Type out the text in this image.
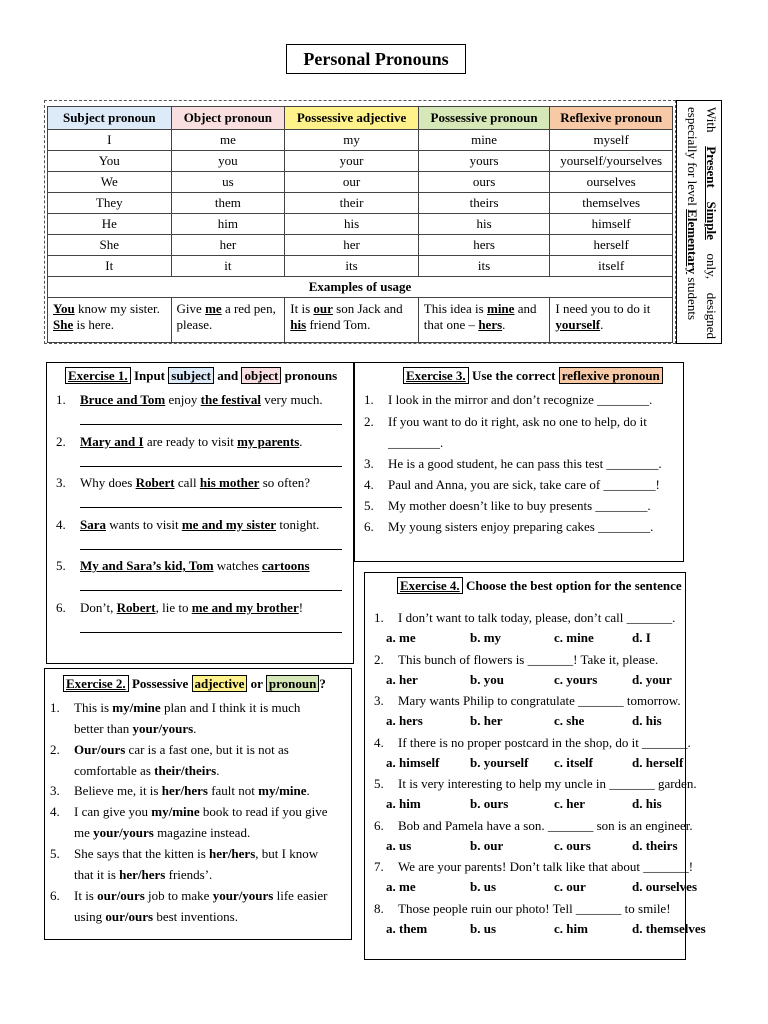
Personal Pronouns
Subject pronoun	Object pronoun	Possessive adjective	Possessive pronoun	Reflexive pronoun
I	me	my	mine	myself
You	you	your	yours	yourself/yourselves
We	us	our	ours	ourselves
They	them	their	theirs	themselves
He	him	his	his	himself
She	her	her	hers	herself
It	it	its	its	itself
Examples of usage				
You know my sister. She is here.	Give me a red pen, please.	It is our son Jack and his friend Tom.	This idea is mine and that one – hers.	I need you to do it yourself.
With Present Simple only, designed especially for level Elementary students
Exercise 1. Input subject and object pronouns
1. Bruce and Tom enjoy the festival very much.
2. Mary and I are ready to visit my parents.
3. Why does Robert call his mother so often?
4. Sara wants to visit me and my sister tonight.
5. My and Sara’s kid, Tom watches cartoons
6. Don’t, Robert, lie to me and my brother!
Exercise 3. Use the correct reflexive pronoun
1. I look in the mirror and don’t recognize ________.
2. If you want to do it right, ask no one to help, do it
________.
3. He is a good student, he can pass this test ________.
4. Paul and Anna, you are sick, take care of ________!
5. My mother doesn’t like to buy presents ________.
6. My young sisters enjoy preparing cakes ________.
Exercise 2. Possessive adjective or pronoun ?
1. This is my/mine plan and I think it is much
better than your/yours.
2. Our/ours car is a fast one, but it is not as
comfortable as their/theirs.
3. Believe me, it is her/hers fault not my/mine.
4. I can give you my/mine book to read if you give
me your/yours magazine instead.
5. She says that the kitten is her/hers, but I know
that it is her/hers friends’.
6. It is our/ours job to make your/yours life easier
using our/ours best inventions.
Exercise 4. Choose the best option for the sentence
1. I don’t want to talk today, please, don’t call _______.
a. me	b. my	c. mine	d. I
2. This bunch of flowers is _______! Take it, please.
a. her	b. you	c. yours	d. your
3. Mary wants Philip to congratulate _______ tomorrow.
a. hers	b. her	c. she	d. his
4. If there is no proper postcard in the shop, do it _______.
a. himself b. yourself c. itself	d. herself
5. It is very interesting to help my uncle in _______ garden.
a. him	b. ours	c. her	d. his
6. Bob and Pamela have a son. _______ son is an engineer.
a. us	b. our	c. ours	d. theirs
7. We are your parents! Don’t talk like that about _______!
a. me	b. us	c. our	d. ourselves
8. Those people ruin our photo! Tell _______ to smile!
a. them	b. us	c. him	d. themselves
